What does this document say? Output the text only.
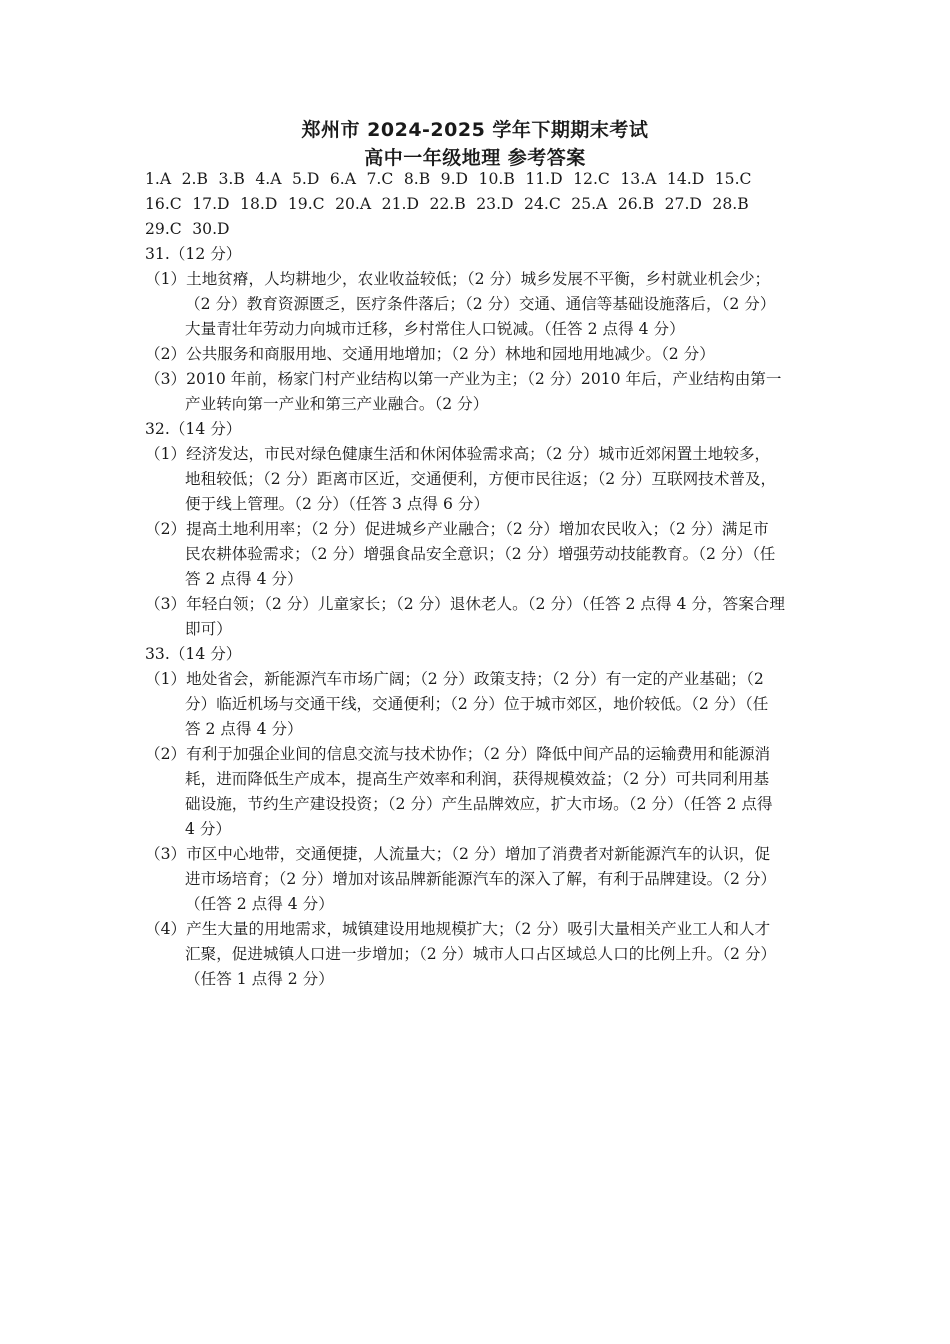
郑州市 2024-2025 学年下期期末考试
高中一年级地理 参考答案
1.A 2.B 3.B 4.A 5.D 6.A 7.C 8.B 9.D 10.B 11.D 12.C 13.A 14.D 15.C
16.C 17.D 18.D 19.C 20.A 21.D 22.B 23.D 24.C 25.A 26.B 27.D 28.B
29.C 30.D
31.（12 分）
（1）土地贫瘠，人均耕地少，农业收益较低；（2 分）城乡发展不平衡，乡村就业机会少；
（2 分）教育资源匮乏，医疗条件落后；（2 分）交通、通信等基础设施落后，（2 分）
大量青壮年劳动力向城市迁移，乡村常住人口锐减。（任答 2 点得 4 分）
（2）公共服务和商服用地、交通用地增加；（2 分）林地和园地用地减少。（2 分）
（3）2010 年前，杨家门村产业结构以第一产业为主；（2 分）2010 年后，产业结构由第一
产业转向第一产业和第三产业融合。（2 分）
32.（14 分）
（1）经济发达，市民对绿色健康生活和休闲体验需求高；（2 分）城市近郊闲置土地较多，
地租较低；（2 分）距离市区近，交通便利，方便市民往返；（2 分）互联网技术普及，
便于线上管理。（2 分）（任答 3 点得 6 分）
（2）提高土地利用率；（2 分）促进城乡产业融合；（2 分）增加农民收入；（2 分）满足市
民农耕体验需求；（2 分）增强食品安全意识；（2 分）增强劳动技能教育。（2 分）（任
答 2 点得 4 分）
（3）年轻白领；（2 分）儿童家长；（2 分）退休老人。（2 分）（任答 2 点得 4 分，答案合理
即可）
33.（14 分）
（1）地处省会，新能源汽车市场广阔；（2 分）政策支持；（2 分）有一定的产业基础；（2
分）临近机场与交通干线，交通便利；（2 分）位于城市郊区，地价较低。（2 分）（任
答 2 点得 4 分）
（2）有利于加强企业间的信息交流与技术协作；（2 分）降低中间产品的运输费用和能源消
耗，进而降低生产成本，提高生产效率和利润，获得规模效益；（2 分）可共同利用基
础设施，节约生产建设投资；（2 分）产生品牌效应，扩大市场。（2 分）（任答 2 点得
4 分）
（3）市区中心地带，交通便捷，人流量大；（2 分）增加了消费者对新能源汽车的认识，促
进市场培育；（2 分）增加对该品牌新能源汽车的深入了解，有利于品牌建设。（2 分）
（任答 2 点得 4 分）
（4）产生大量的用地需求，城镇建设用地规模扩大；（2 分）吸引大量相关产业工人和人才
汇聚，促进城镇人口进一步增加；（2 分）城市人口占区域总人口的比例上升。（2 分）
（任答 1 点得 2 分）
